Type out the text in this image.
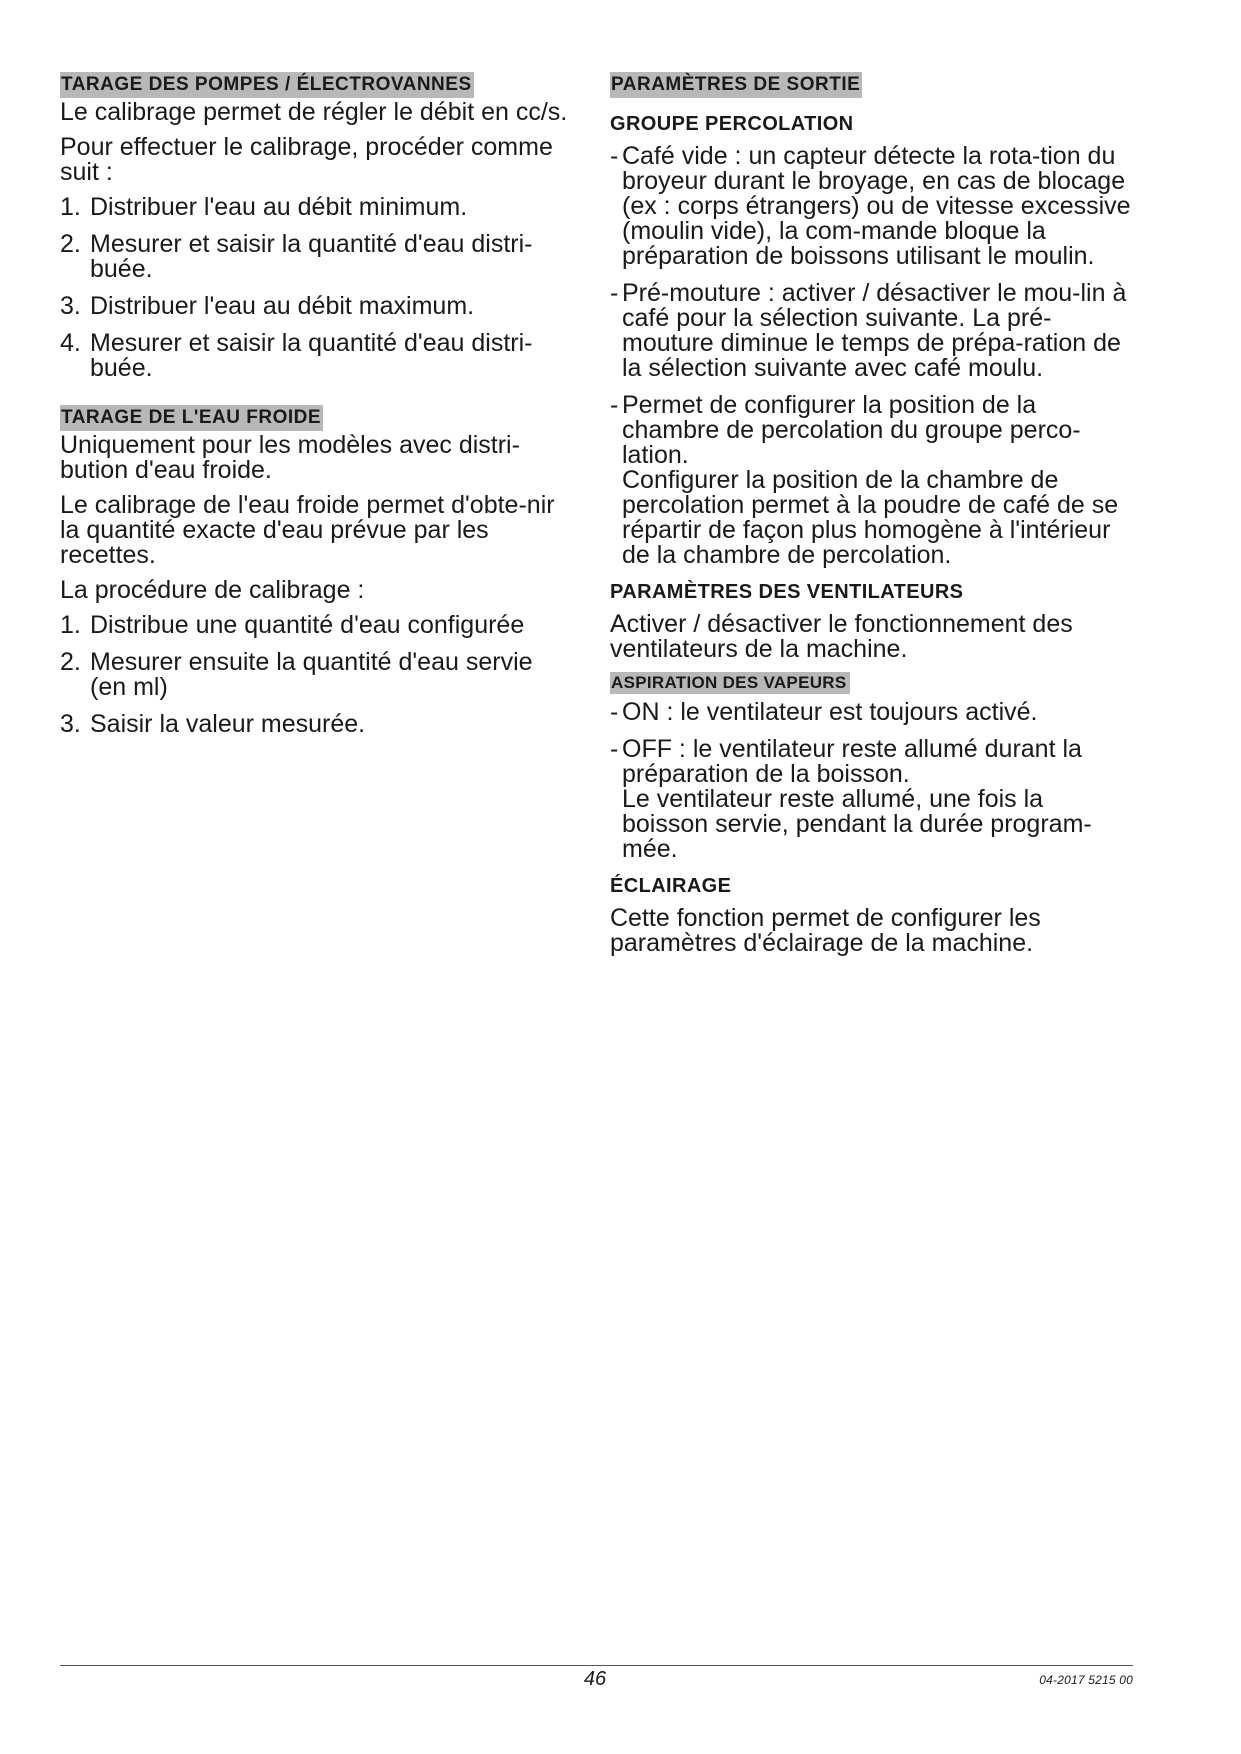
TARAGE DES POMPES / ÉLECTROVANNES
Le calibrage permet de régler le débit en cc/s.
Pour effectuer le calibrage, procéder comme suit :
1. Distribuer l'eau au débit minimum.
2. Mesurer et saisir la quantité d'eau distri-buée.
3. Distribuer l'eau au débit maximum.
4. Mesurer et saisir la quantité d'eau distri-buée.
TARAGE DE L'EAU FROIDE
Uniquement pour les modèles avec distri-bution d'eau froide.
Le calibrage de l'eau froide permet d'obte-nir la quantité exacte d'eau prévue par les recettes.
La procédure de calibrage :
1. Distribue une quantité d'eau configurée
2. Mesurer ensuite la quantité d'eau servie (en ml)
3. Saisir la valeur mesurée.
PARAMÈTRES DE SORTIE
GROUPE PERCOLATION
- Café vide : un capteur détecte la rota-tion du broyeur durant le broyage, en cas de blocage (ex : corps étrangers) ou de vitesse excessive (moulin vide), la com-mande bloque la préparation de boissons utilisant le moulin.
- Pré-mouture : activer / désactiver le mou-lin à café pour la sélection suivante. La pré-mouture diminue le temps de prépa-ration de la sélection suivante avec café moulu.
- Permet de configurer la position de la chambre de percolation du groupe perco-lation.
Configurer la position de la chambre de percolation permet à la poudre de café de se répartir de façon plus homogène à l'intérieur de la chambre de percolation.
PARAMÈTRES DES VENTILATEURS
Activer / désactiver le fonctionnement des ventilateurs de la machine.
ASPIRATION DES VAPEURS
- ON : le ventilateur est toujours activé.
- OFF : le ventilateur reste allumé durant la préparation de la boisson.
Le ventilateur reste allumé, une fois la boisson servie, pendant la durée program-mée.
ÉCLAIRAGE
Cette fonction permet de configurer les paramètres d'éclairage de la machine.
46	04-2017 5215 00
